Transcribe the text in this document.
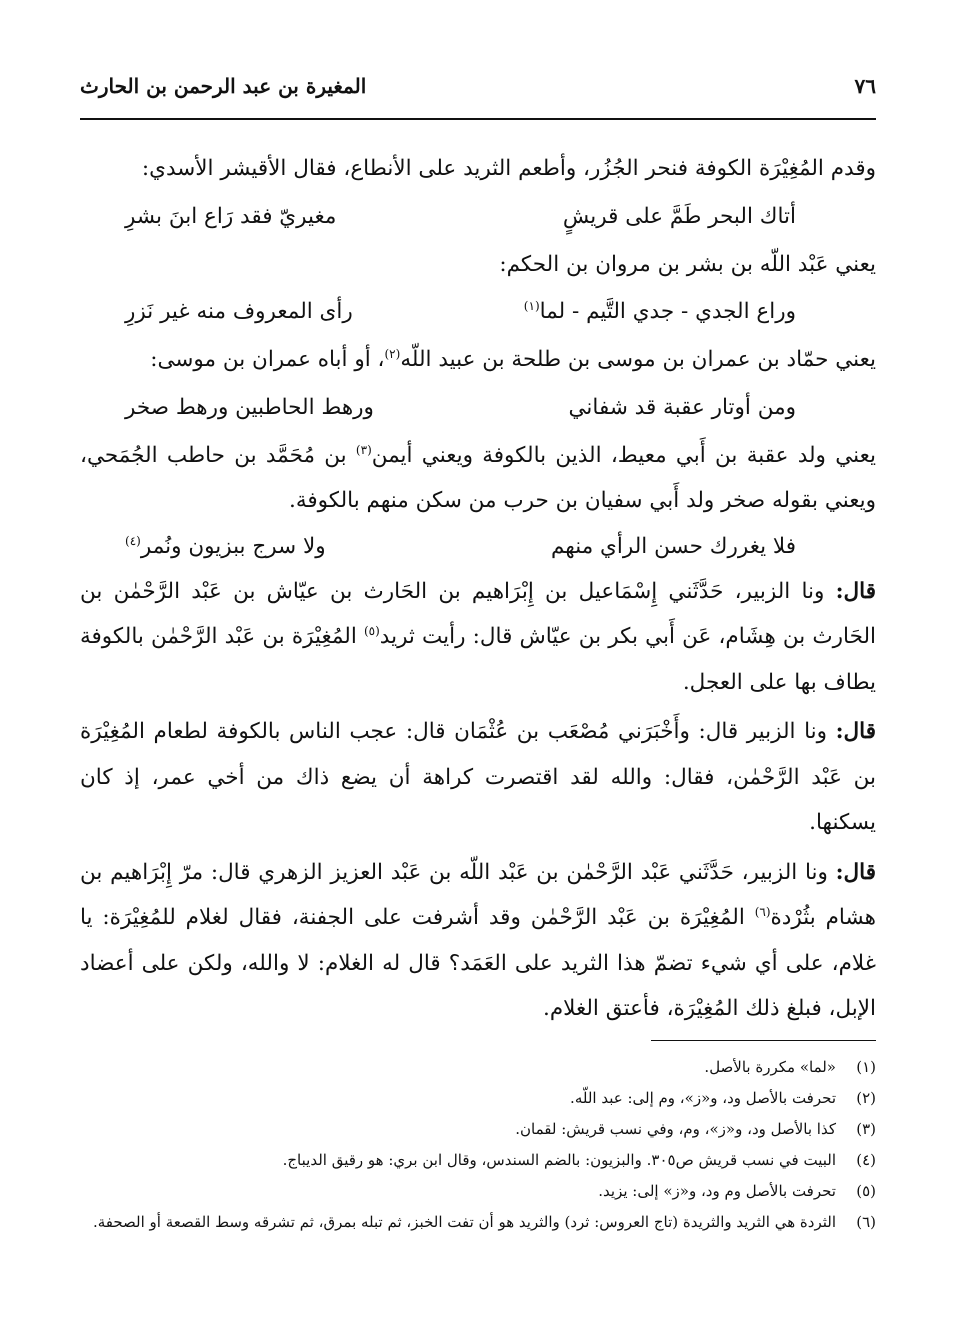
٧٦
المغيرة بن عبد الرحمن بن الحارث

وقدم المُغِيْرَة الكوفة فنحر الجُزُر، وأطعم الثريد على الأنطاع، فقال الأقيشر الأسدي:

أتاك البحر طَمَّ على قريشٍ
مغيريّ فقد رَاع ابنَ بشرِ

يعني عَبْد اللّه بن بشر بن مروان بن الحكم:

وراع الجدي - جدي التَّيم - لما$^{(١)}$
رأى المعروف منه غير نَزرِ

يعني حمّاد بن عمران بن موسى بن طلحة بن عبيد اللّه$^{(٢)}$، أو أباه عمران بن موسى:

ومن أوتار عقبة قد شفاني
ورهط الحاطبين ورهط صخر

يعني ولد عقبة بن أَبي معيط، الذين بالكوفة ويعني أيمن$^{(٣)}$ بن مُحَمَّد بن حاطب الجُمَحي، ويعني بقوله صخر ولد أَبي سفيان بن حرب من سكن منهم بالكوفة.

فلا يغررك حسن الرأي منهم
ولا سرج ببزيون ونُمر$^{(٤)}$

قال: ونا الزبير، حَدَّثَني إِسْمَاعيل بن إِبْرَاهيم بن الحَارث بن عيّاش بن عَبْد الرَّحْمٰن بن الحَارث بن هِشَام، عَن أَبي بكر بن عيّاش قال: رأيت ثريد$^{(٥)}$ المُغِيْرَة بن عَبْد الرَّحْمٰن بالكوفة يطاف بها على العجل.

قال: ونا الزبير قال: وأَخْبَرَني مُصْعَب بن عُثْمَان قال: عجب الناس بالكوفة لطعام المُغِيْرَة بن عَبْد الرَّحْمٰن، فقال: والله لقد اقتصرت كراهة أن يضع ذاك من أخي عمر، إذ كان يسكنها.

قال: ونا الزبير، حَدَّثَني عَبْد الرَّحْمٰن بن عَبْد اللّه بن عَبْد العزيز الزهري قال: مرّ إِبْرَاهيم بن هشام بثُرْدة$^{(٦)}$ المُغِيْرَة بن عَبْد الرَّحْمٰن وقد أشرفت على الجفنة، فقال لغلام للمُغِيْرَة: يا غلام، على أي شيء تضمّ هذا الثريد على العَمَد؟ قال له الغلام: لا والله، ولكن على أعضاد الإبل، فبلغ ذلك المُغِيْرَة، فأعتق الغلام.

(١)
«لما» مكررة بالأصل.
(٢)
تحرفت بالأصل ود، و«ز»، وم إلى: عبد اللّه.
(٣)
كذا بالأصل ود، و«ز»، وم، وفي نسب قريش: لقمان.
(٤)
البيت في نسب قريش ص٣٠٥. والبزيون: بالضم السندس، وقال ابن بري: هو رقيق الديباج.
(٥)
تحرفت بالأصل وم ود، و«ز» إلى: يزيد.
(٦)
الثردة هي الثريد والثريدة (تاج العروس: ثرد) والثريد هو أن تفت الخبز، ثم تبله بمرق، ثم تشرقه وسط القصعة أو الصحفة.
